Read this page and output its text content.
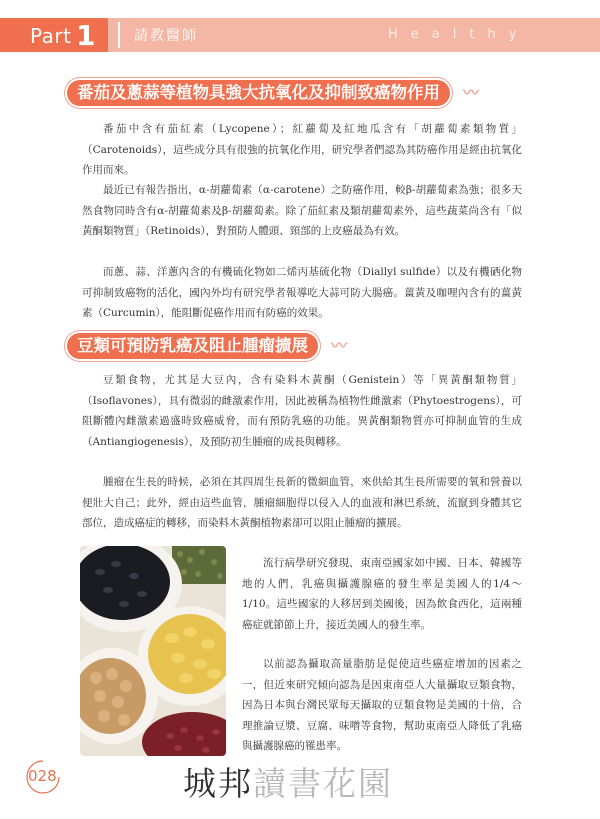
Part 1	請教醫師	Healthy
番茄及蔥蒜等植物具強大抗氧化及抑制致癌物作用 〰

番茄中含有茄紅素（Lycopene）；紅蘿蔔及紅地瓜含有「胡蘿蔔素類物質」（Carotenoids），這些成分具有很強的抗氧化作用，研究學者們認為其防癌作用是經由抗氧化作用而來。

最近已有報告指出，α-胡蘿蔔素（α-carotene）之防癌作用，較β-胡蘿蔔素為強；很多天然食物同時含有α-胡蘿蔔素及β-胡蘿蔔素。除了茄紅素及類胡蘿蔔素外，這些蔬菜尚含有「似黃酮類物質」（Retinoids），對預防人體頭、頸部的上皮癌最為有效。

而蔥、蒜、洋蔥內含的有機硫化物如二烯丙基硫化物（Diallyl sulfide）以及有機硒化物可抑制致癌物的活化，國內外均有研究學者報導吃大蒜可防大腸癌。薑黃及咖哩內含有的薑黃素（Curcumin），能阻斷促癌作用而有防癌的效果。

豆類可預防乳癌及阻止腫瘤擴展 〰

豆類食物，尤其是大豆內，含有染料木黃酮（Genistein）等「異黃酮類物質」（Isoflavones），具有微弱的雌激素作用，因此被稱為植物性雌激素（Phytoestrogens），可阻斷體內雌激素過盛時致癌威脅，而有預防乳癌的功能。異黃酮類物質亦可抑制血管的生成（Antiangiogenesis），及預防初生腫瘤的成長與轉移。

腫瘤在生長的時候，必須在其四周生長新的微細血管，來供給其生長所需要的氧和營養以便壯大自己；此外，經由這些血管，腫瘤細胞得以侵入人的血液和淋巴系統，流竄到身體其它部位，造成癌症的轉移，而染料木黃酮植物素卻可以阻止腫瘤的擴展。

流行病學研究發現，東南亞國家如中國、日本、韓國等地的人們，乳癌與攝護腺癌的發生率是美國人的1/4～1/10。這些國家的人移居到美國後，因為飲食西化，這兩種癌症就節節上升，接近美國人的發生率。

以前認為攝取高量脂肪是促使這些癌症增加的因素之一，但近來研究傾向認為是因東南亞人大量攝取豆類食物，因為日本與台灣民眾每天攝取的豆類食物是美國的十倍，合理推論豆漿、豆腐、味噌等食物，幫助東南亞人降低了乳癌與攝護腺癌的罹患率。

028	城邦讀書花園
